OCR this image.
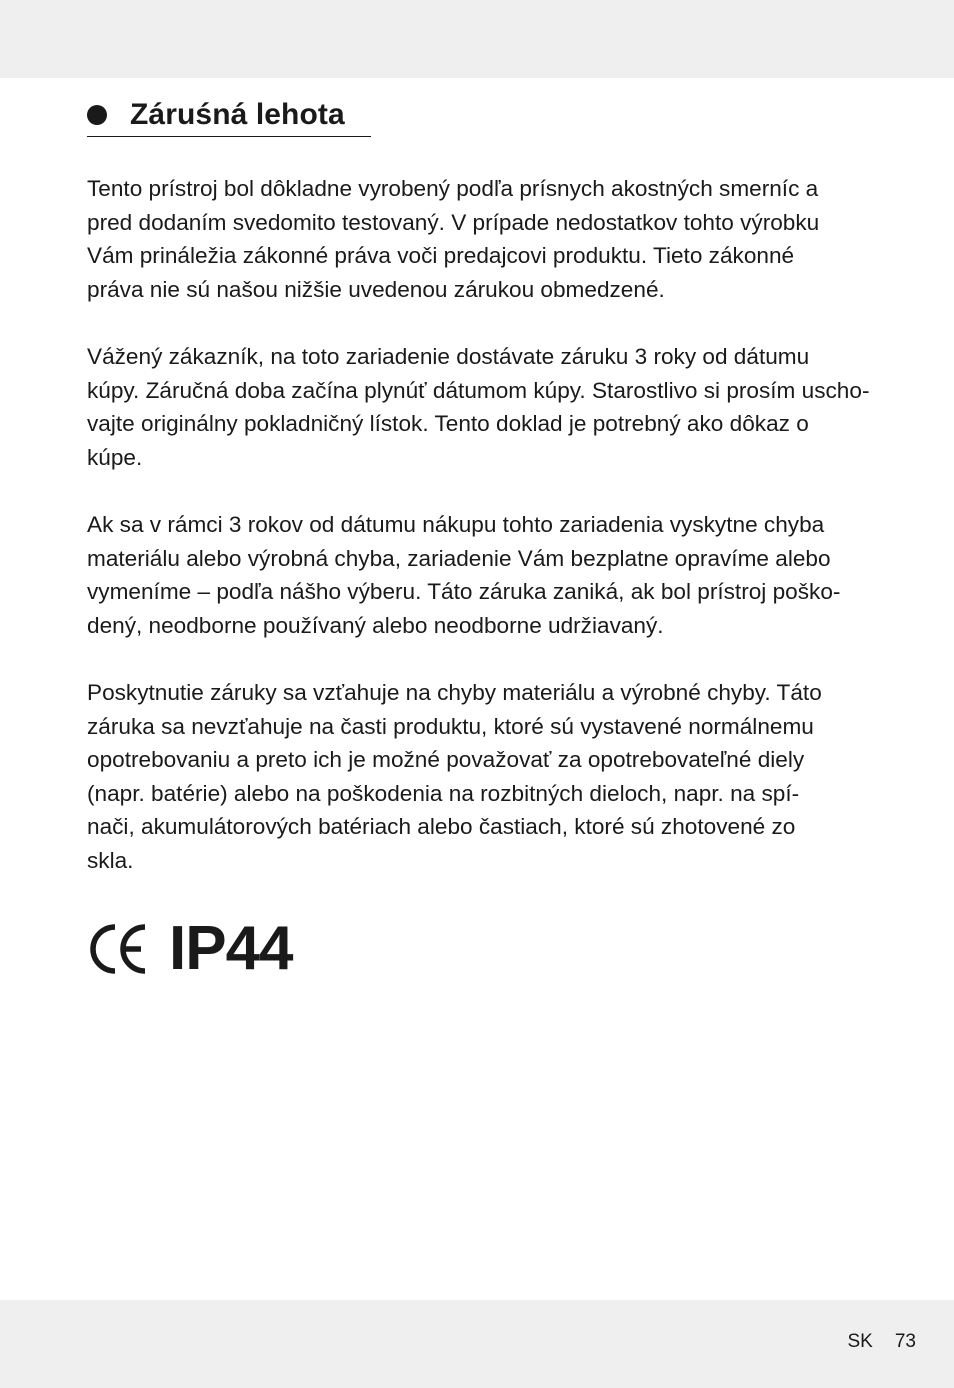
Záruśná lehota

Tento prístroj bol dôkladne vyrobený podľa prísnych akostných smerníc a
pred dodaním svedomito testovaný. V prípade nedostatkov tohto výrobku
Vám prináležia zákonné práva voči predajcovi produktu. Tieto zákonné
práva nie sú našou nižšie uvedenou zárukou obmedzené.

Vážený zákazník, na toto zariadenie dostávate záruku 3 roky od dátumu
kúpy. Záručná doba začína plynúť dátumom kúpy. Starostlivo si prosím uscho-
vajte originálny pokladničný lístok. Tento doklad je potrebný ako dôkaz o
kúpe.

Ak sa v rámci 3 rokov od dátumu nákupu tohto zariadenia vyskytne chyba
materiálu alebo výrobná chyba, zariadenie Vám bezplatne opravíme alebo
vymeníme – podľa nášho výberu. Táto záruka zaniká, ak bol prístroj poško-
dený, neodborne používaný alebo neodborne udržiavaný.

Poskytnutie záruky sa vzťahuje na chyby materiálu a výrobné chyby. Táto
záruka sa nevzťahuje na časti produktu, ktoré sú vystavené normálnemu
opotrebovaniu a preto ich je možné považovať za opotrebovateľné diely
(napr. batérie) alebo na poškodenia na rozbitných dieloch, napr. na spí-
nači, akumulátorových batériach alebo častiach, ktoré sú zhotovené zo
skla.

IP44
SK 73
